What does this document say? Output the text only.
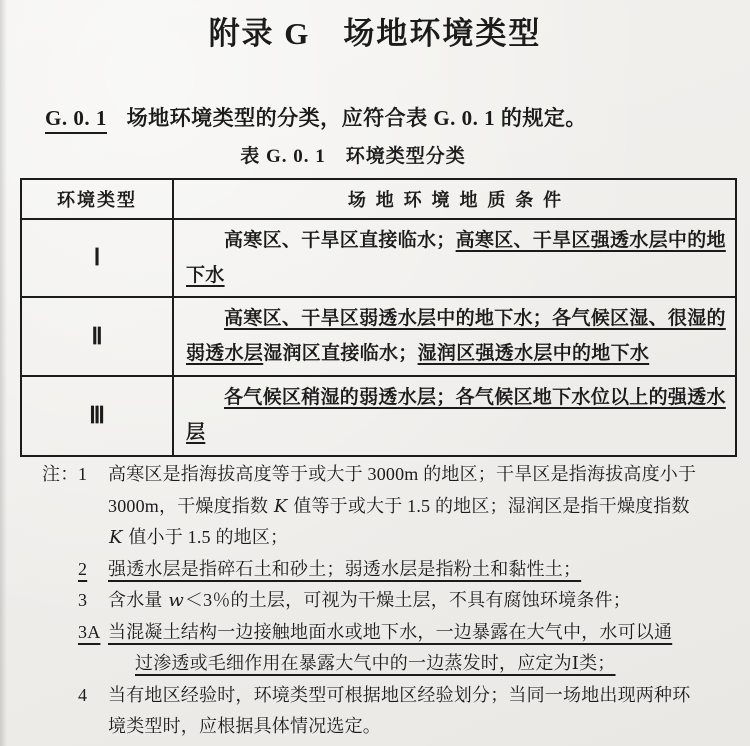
附录 G　场地环境类型

G. 0. 1 场地环境类型的分类，应符合表 G. 0. 1 的规定。

表 G. 0. 1　环境类型分类

环境类型	场地环境地质条件
Ⅰ	高寒区、干旱区直接临水；高寒区、干旱区强透水层中的地下水

Ⅱ	高寒区、干旱区弱透水层中的地下水；各气候区湿、很湿的弱透水层湿润区直接临水；湿润区强透水层中的地下水

Ⅲ	各气候区稍湿的弱透水层；各气候区地下水位以上的强透水层
注： 1	高寒区是指海拔高度等于或大于 3000m 的地区；干旱区是指海拔高度小于 3000m，干燥度指数 K 值等于或大于 1.5 的地区；湿润区是指干燥度指数 K 值小于 1.5 的地区；
2	强透水层是指碎石土和砂土；弱透水层是指粉土和黏性土；
3	含水量 w＜3％的土层，可视为干燥土层，不具有腐蚀环境条件；
3A 当混凝土结构一边接触地面水或地下水，一边暴露在大气中，水可以通过渗透或毛细作用在暴露大气中的一边蒸发时，应定为Ⅰ类；
4	当有地区经验时，环境类型可根据地区经验划分；当同一场地出现两种环境类型时，应根据具体情况选定。
